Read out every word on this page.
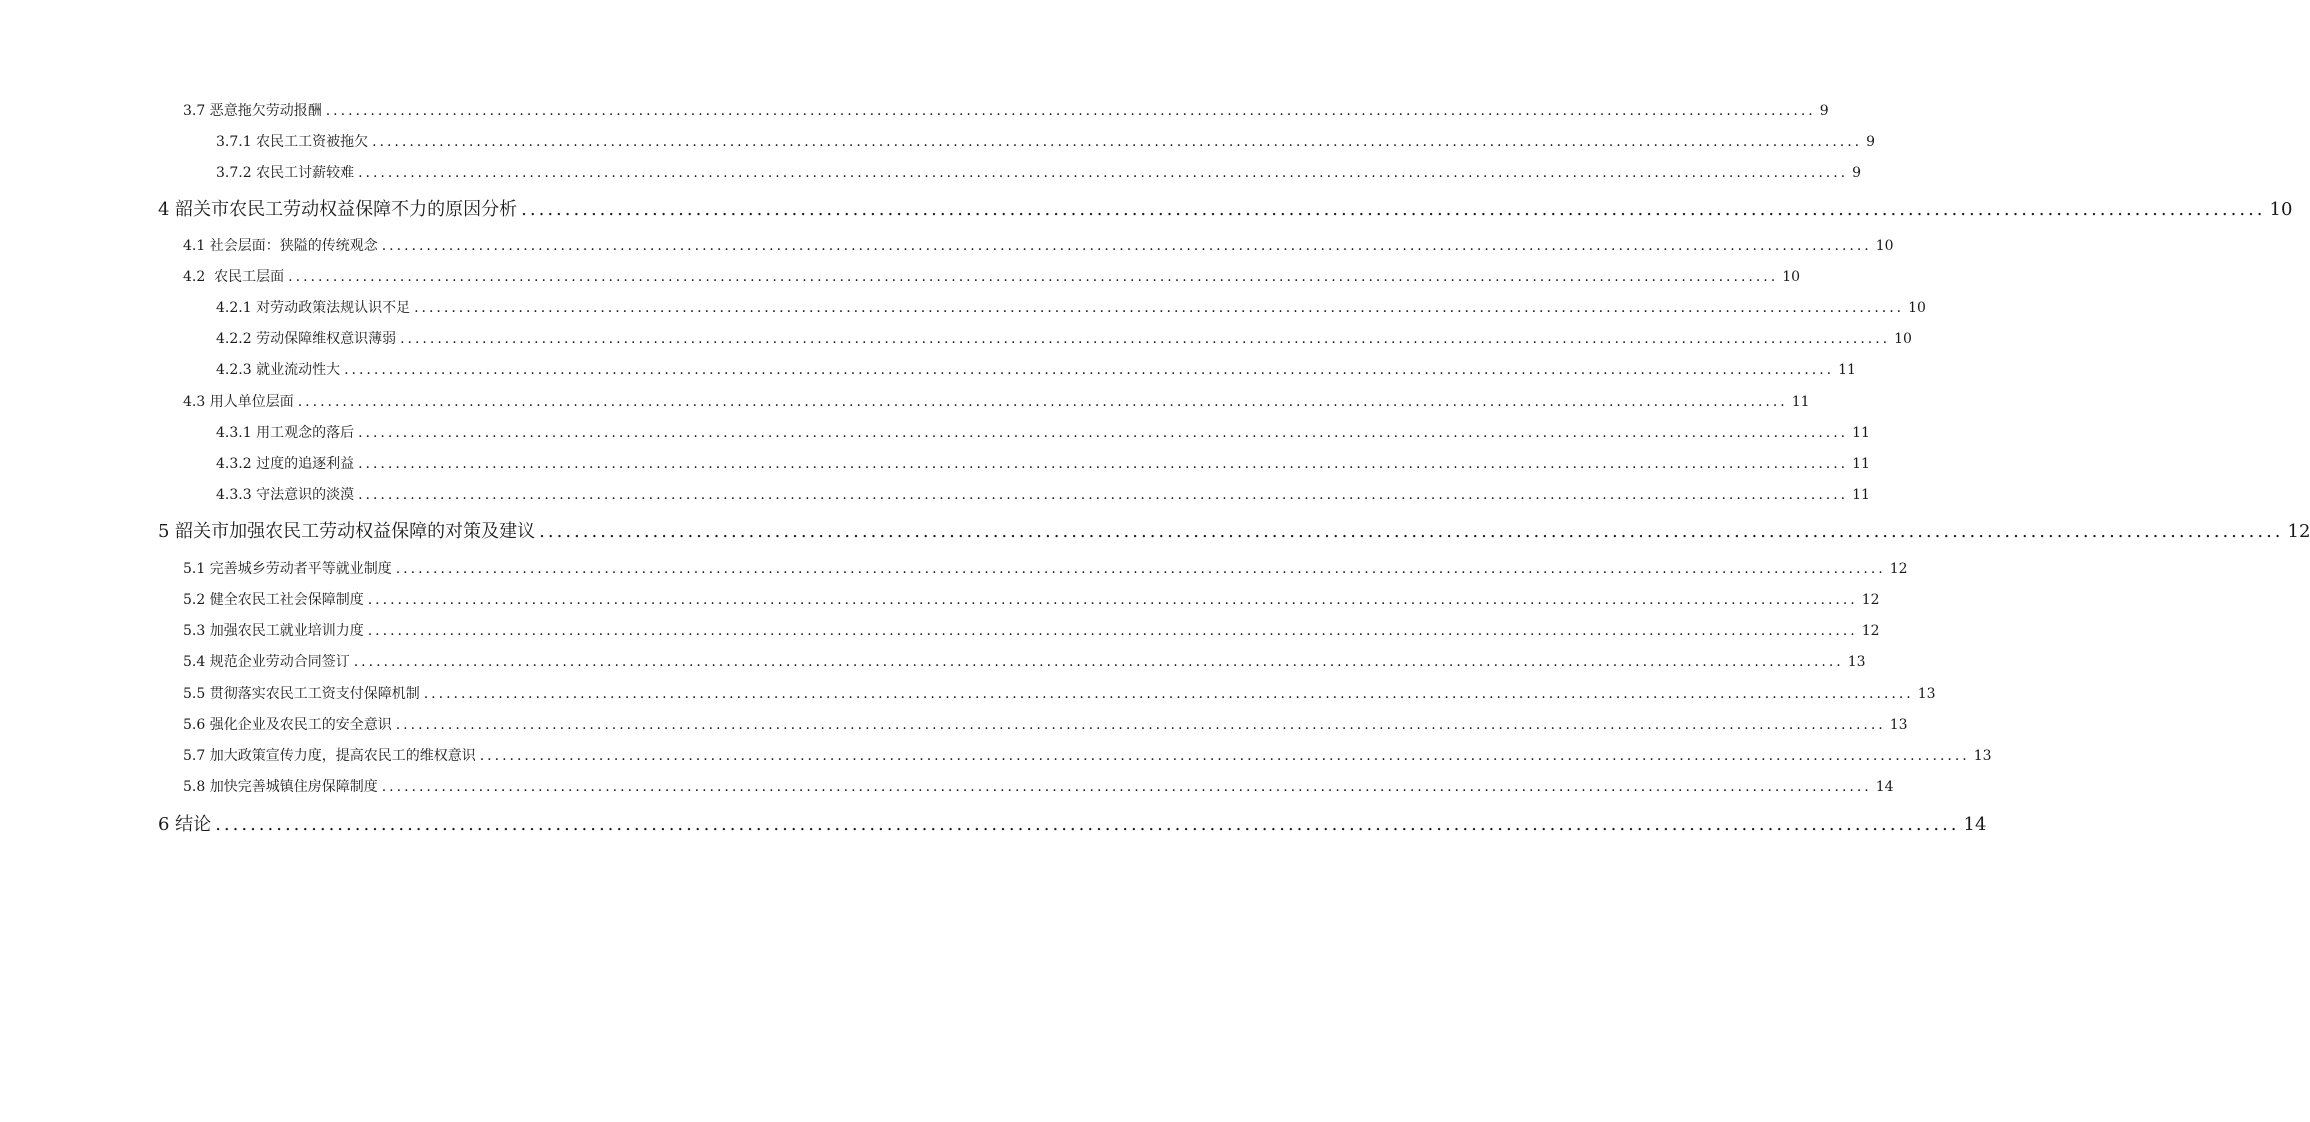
3.7 恶意拖欠劳动报酬 ........................................................................................................................................................................................................ 9
3.7.1 农民工工资被拖欠 ........................................................................................................................................................................................................ 9
3.7.2 农民工讨薪较难 ........................................................................................................................................................................................................ 9
4 韶关市农民工劳动权益保障不力的原因分析 ........................................................................................................................................................................................................ 10
4.1 社会层面：狭隘的传统观念 ........................................................................................................................................................................................................ 10
4.2  农民工层面 ........................................................................................................................................................................................................ 10
4.2.1 对劳动政策法规认识不足 ........................................................................................................................................................................................................ 10
4.2.2 劳动保障维权意识薄弱 ........................................................................................................................................................................................................ 10
4.2.3 就业流动性大 ........................................................................................................................................................................................................ 11
4.3 用人单位层面 ........................................................................................................................................................................................................ 11
4.3.1 用工观念的落后 ........................................................................................................................................................................................................ 11
4.3.2 过度的追逐利益 ........................................................................................................................................................................................................ 11
4.3.3 守法意识的淡漠 ........................................................................................................................................................................................................ 11
5 韶关市加强农民工劳动权益保障的对策及建议 ........................................................................................................................................................................................................ 12
5.1 完善城乡劳动者平等就业制度 ........................................................................................................................................................................................................ 12
5.2 健全农民工社会保障制度 ........................................................................................................................................................................................................ 12
5.3 加强农民工就业培训力度 ........................................................................................................................................................................................................ 12
5.4 规范企业劳动合同签订 ........................................................................................................................................................................................................ 13
5.5 贯彻落实农民工工资支付保障机制 ........................................................................................................................................................................................................ 13
5.6 强化企业及农民工的安全意识 ........................................................................................................................................................................................................ 13
5.7 加大政策宣传力度，提高农民工的维权意识 ........................................................................................................................................................................................................ 13
5.8 加快完善城镇住房保障制度 ........................................................................................................................................................................................................ 14
6 结论 ........................................................................................................................................................................................................ 14
